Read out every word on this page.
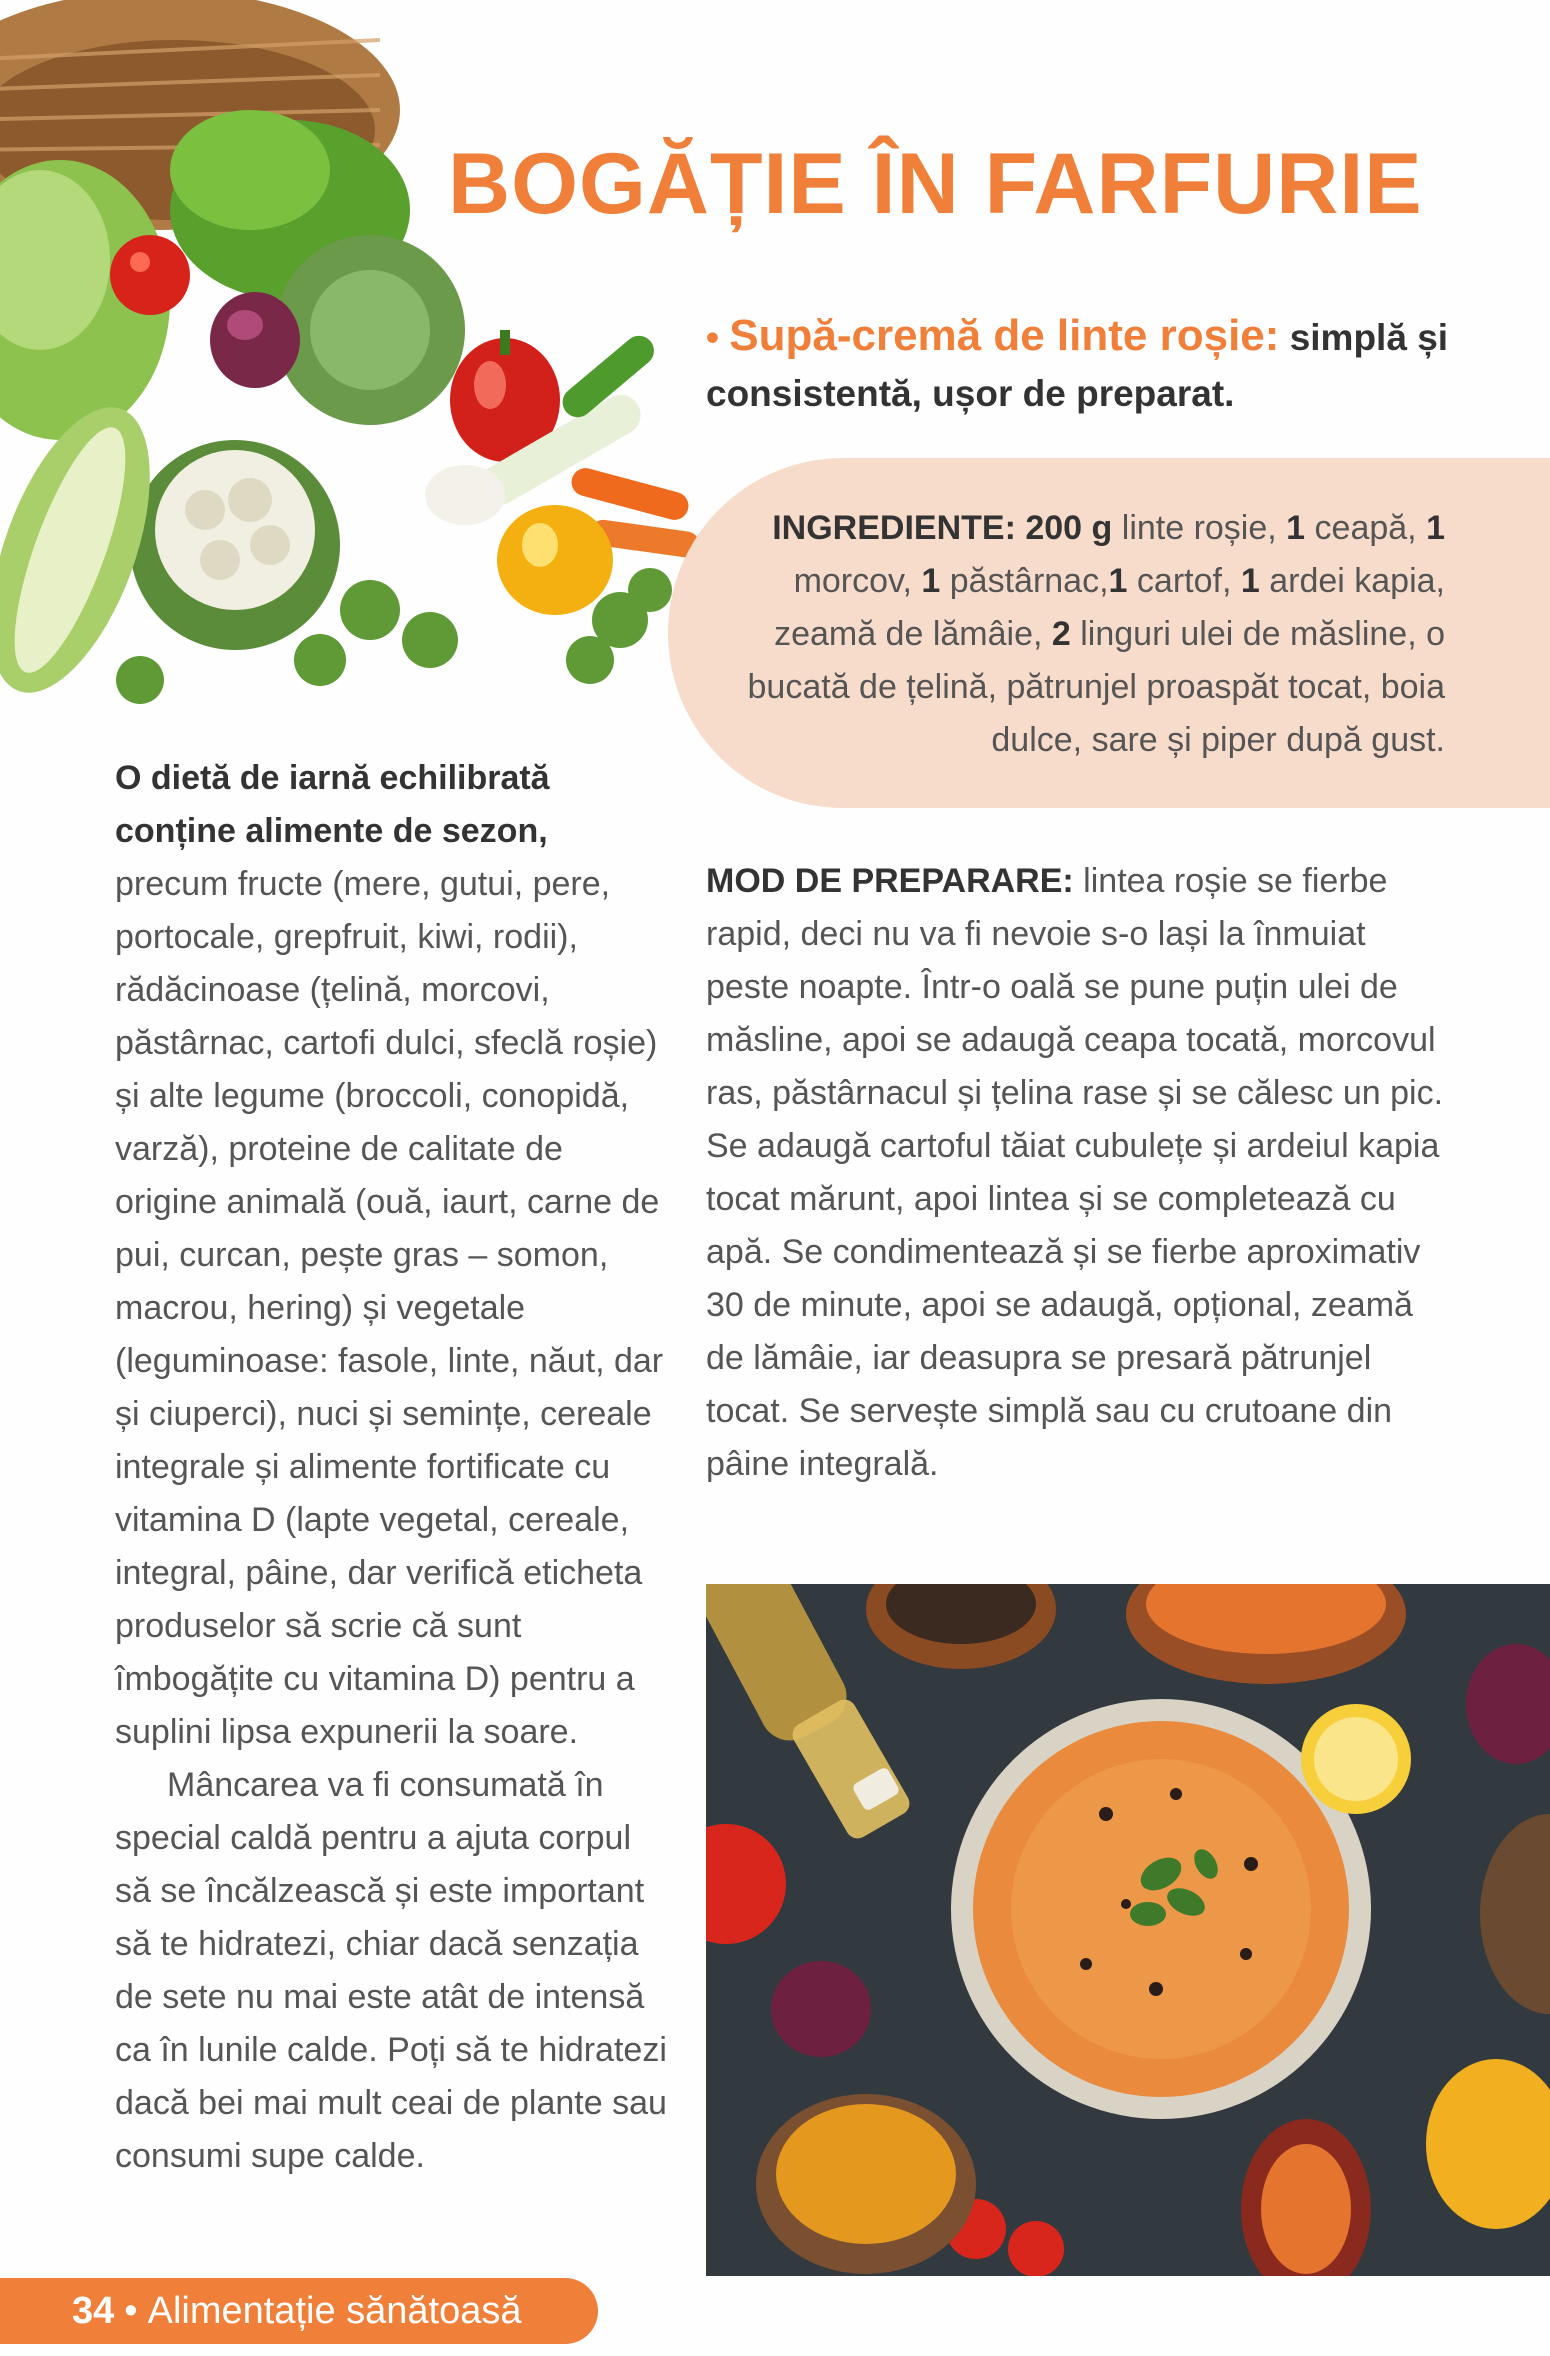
BOGĂȚIE ÎN FARFURIE
• Supă-cremă de linte roșie: simplă și consistentă, ușor de preparat.
INGREDIENTE: 200 g linte roșie, 1 ceapă, 1 morcov, 1 păstârnac,1 cartof, 1 ardei kapia, zeamă de lămâie, 2 linguri ulei de măsline, o bucată de țelină, pătrunjel proaspăt tocat, boia dulce, sare și piper după gust.

O dietă de iarnă echilibrată conține alimente de sezon, precum fructe (mere, gutui, pere, portocale, grepfruit, kiwi, rodii), rădăcinoase (țelină, morcovi, păstârnac, cartofi dulci, sfeclă roșie) și alte legume (broccoli, conopidă, varză), proteine de calitate de origine animală (ouă, iaurt, carne de pui, curcan, pește gras – somon, macrou, hering) și vegetale (leguminoase: fasole, linte, năut, dar și ciuperci), nuci și semințe, cereale integrale și alimente fortificate cu vitamina D (lapte vegetal, cereale, integral, pâine, dar verifică eticheta produselor să scrie că sunt îmbogățite cu vitamina D) pentru a suplini lipsa expunerii la soare.

Mâncarea va fi consumată în special caldă pentru a ajuta corpul să se încălzească și este important să te hidratezi, chiar dacă senzația de sete nu mai este atât de intensă ca în lunile calde. Poți să te hidratezi dacă bei mai mult ceai de plante sau consumi supe calde.

MOD DE PREPARARE: lintea roșie se fierbe rapid, deci nu va fi nevoie s-o lași la înmuiat peste noapte. Într-o oală se pune puțin ulei de măsline, apoi se adaugă ceapa tocată, morcovul ras, păstârnacul și țelina rase și se călesc un pic. Se adaugă cartoful tăiat cubulețe și ardeiul kapia tocat mărunt, apoi lintea și se completează cu apă. Se condimentează și se fierbe aproximativ 30 de minute, apoi se adaugă, opțional, zeamă de lămâie, iar deasupra se presară pătrunjel tocat. Se servește simplă sau cu crutoane din pâine integrală.
34 • Alimentație sănătoasă
